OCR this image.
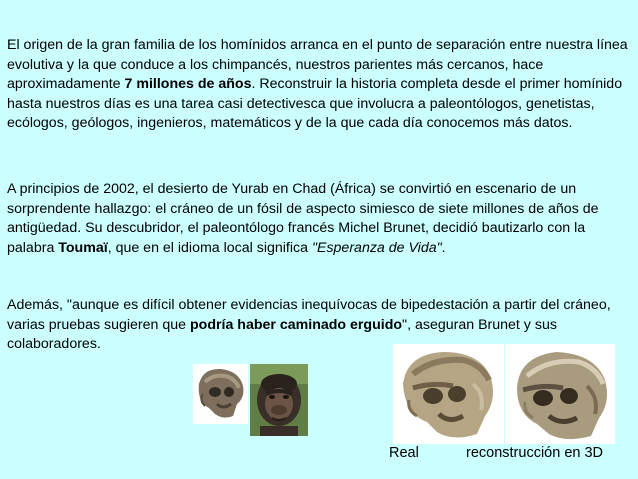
El origen de la gran familia de los homínidos arranca en el punto de separación entre nuestra línea evolutiva y la que conduce a los chimpancés, nuestros parientes más cercanos, hace aproximadamente 7 millones de años. Reconstruir la historia completa desde el primer homínido hasta nuestros días es una tarea casi detectivesca que involucra a paleontólogos, genetistas, ecólogos, geólogos, ingenieros, matemáticos y de la que cada día conocemos más datos.
A principios de 2002, el desierto de Yurab en Chad (África) se convirtió en escenario de un sorprendente hallazgo: el cráneo de un fósil de aspecto simiesco de siete millones de años de antigüedad. Su descubridor, el paleontólogo francés Michel Brunet, decidió bautizarlo con la palabra Toumaï, que en el idioma local significa "Esperanza de Vida".
Además, "aunque es difícil obtener evidencias inequívocas de bipedestación a partir del cráneo, varias pruebas sugieren que podría haber caminado erguido", aseguran Brunet y sus colaboradores.
Real	reconstrucción en 3D
